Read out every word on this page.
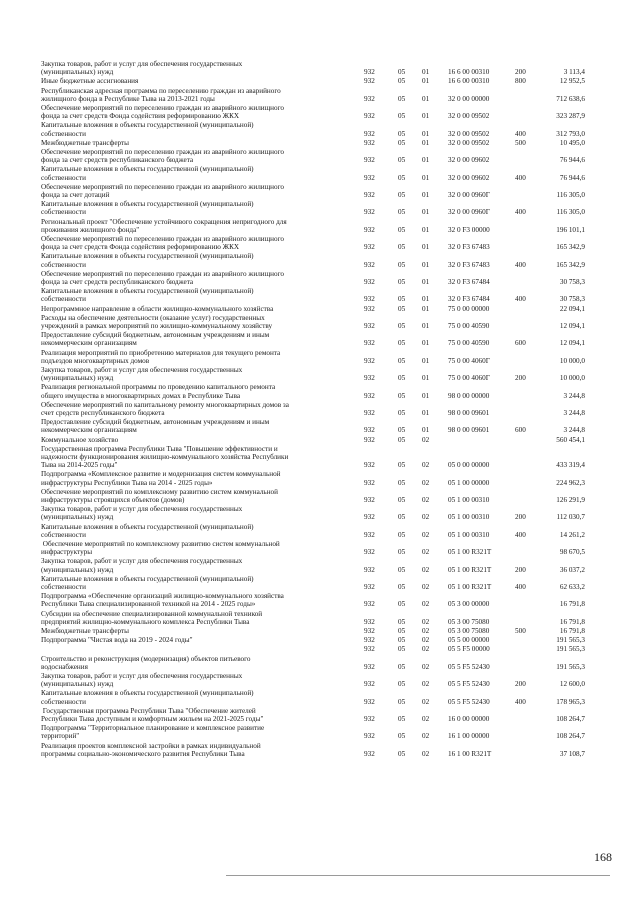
Закупка товаров, работ и услуг для обеспечения государственных
(муниципальных) нужд	932	05 01	16 6 00 00310	200	3 113,4
Иные бюджетные ассигнования	932	05 01	16 6 00 00310	800	12 952,5
Республиканская адресная программа по переселению граждан из аварийного
жилищного фонда в Республике Тыва на 2013-2021 годы	932	05 01	32 0 00 00000	712 638,6
Обеспечение мероприятий по переселению граждан из аварийного жилищного
фонда за счет средств Фонда содействия реформированию ЖКХ	932	05 01	32 0 00 09502	323 287,9
Капитальные вложения в объекты государственной (муниципальной)
собственности	932	05 01	32 0 00 09502	400	312 793,0
Межбюджетные трансферты	932	05 01	32 0 00 09502	500	10 495,0
Обеспечение мероприятий по переселению граждан из аварийного жилищного
фонда за счет средств республиканского бюджета	932	05 01	32 0 00 09602	76 944,6
Капитальные вложения в объекты государственной (муниципальной)
собственности	932	05 01	32 0 00 09602	400	76 944,6
Обеспечение мероприятий по переселению граждан из аварийного жилищного
фонда за счет дотаций	932	05 01	32 0 00 0960Г	116 305,0
Капитальные вложения в объекты государственной (муниципальной)
собственности	932	05 01	32 0 00 0960Г	400	116 305,0
Региональный проект "Обеспечение устойчивого сокращения непригодного для
проживания жилищного фонда"	932	05 01	32 0 F3 00000	196 101,1
Обеспечение мероприятий по переселению граждан из аварийного жилищного
фонда за счет средств Фонда содействия реформированию ЖКХ	932	05 01	32 0 F3 67483	165 342,9
Капитальные вложения в объекты государственной (муниципальной)
собственности	932	05 01	32 0 F3 67483	400	165 342,9
Обеспечение мероприятий по переселению граждан из аварийного жилищного
фонда за счет средств республиканского бюджета	932	05 01	32 0 F3 67484	30 758,3
Капитальные вложения в объекты государственной (муниципальной)
собственности	932	05 01	32 0 F3 67484	400	30 758,3
Непрограммное направление в области жилищно-коммунального хозяйства	932	05 01	75 0 00 00000	22 094,1
Расходы на обеспечение деятельности (оказание услуг) государственных
учреждений в рамках мероприятий по жилищно-коммунальному хозяйству	932	05 01	75 0 00 40590	12 094,1
Предоставление субсидий бюджетным, автономным учреждениям и иным
некоммерческим организациям	932	05 01	75 0 00 40590	600	12 094,1
Реализация мероприятий по приобретению материалов для текущего ремонта
подъездов многоквартирных домов	932	05 01	75 0 00 4060Г	10 000,0
Закупка товаров, работ и услуг для обеспечения государственных
(муниципальных) нужд	932	05 01	75 0 00 4060Г	200	10 000,0
Реализация региональной программы по проведению капитального ремонта
общего имущества в многоквартирных домах в Республике Тыва	932	05 01	98 0 00 00000	3 244,8
Обеспечение мероприятий по капитальному ремонту многоквартирных домов за
счет средств республиканского бюджета	932	05 01	98 0 00 09601	3 244,8
Предоставление субсидий бюджетным, автономным учреждениям и иным
некоммерческим организациям	932	05 01	98 0 00 09601	600	3 244,8
Коммунальное хозяйство	932	05 02	560 454,1
Государственная программа Республики Тыва "Повышение эффективности и
надежности функционирования жилищно-коммунального хозяйства Республики
Тыва на 2014-2025 годы"	932	05 02	05 0 00 00000	433 319,4
Подпрограмма «Комплексное развитие и модернизация систем коммунальной
инфраструктуры Республики Тыва на 2014 - 2025 годы»	932	05 02	05 1 00 00000	224 962,3
Обеспечение мероприятий по комплексному развитию систем коммунальной
инфраструктуры строящихся объектов (домов)	932	05 02	05 1 00 00310	126 291,9
Закупка товаров, работ и услуг для обеспечения государственных
(муниципальных) нужд	932	05 02	05 1 00 00310	200	112 030,7
Капитальные вложения в объекты государственной (муниципальной)
собственности	932	05 02	05 1 00 00310	400	14 261,2
Обеспечение мероприятий по комплексному развитию систем коммунальной
инфраструктуры	932	05 02	05 1 00 R321Т	98 670,5
Закупка товаров, работ и услуг для обеспечения государственных
(муниципальных) нужд	932	05 02	05 1 00 R321Т	200	36 037,2
Капитальные вложения в объекты государственной (муниципальной)
собственности	932	05 02	05 1 00 R321Т	400	62 633,2
Подпрограмма «Обеспечение организаций жилищно-коммунального хозяйства
Республики Тыва специализированной техникой на 2014 - 2025 годы»	932	05 02	05 3 00 00000	16 791,8
Субсидии на обеспечение специализированной коммунальной техникой
предприятий жилищно-коммунального комплекса Республики Тыва	932	05 02	05 3 00 75080	16 791,8
Межбюджетные трансферты	932	05 02	05 3 00 75080	500	16 791,8
Подпрограмма "Чистая вода на 2019 - 2024 годы"	932	05 02	05 5 00 00000	191 565,3
932	05 02	05 5 F5 00000	191 565,3
Строительство и реконструкция (модернизация) объектов питьевого
водоснабжения	932	05 02	05 5 F5 52430	191 565,3
Закупка товаров, работ и услуг для обеспечения государственных
(муниципальных) нужд	932	05 02	05 5 F5 52430	200	12 600,0
Капитальные вложения в объекты государственной (муниципальной)
собственности	932	05 02	05 5 F5 52430	400	178 965,3
Государственная программа Республики Тыва "Обеспечение жителей
Республики Тыва доступным и комфортным жильем на 2021-2025 годы"	932	05 02	16 0 00 00000	108 264,7
Подпрограмма "Территориальное планирование и комплексное развитие
территорий"	932	05 02	16 1 00 00000	108 264,7
Реализация проектов комплексной застройки в рамках индивидуальной
программы социально-экономического развития Республики Тыва	932	05 02	16 1 00 R321Т	37 108,7
168
